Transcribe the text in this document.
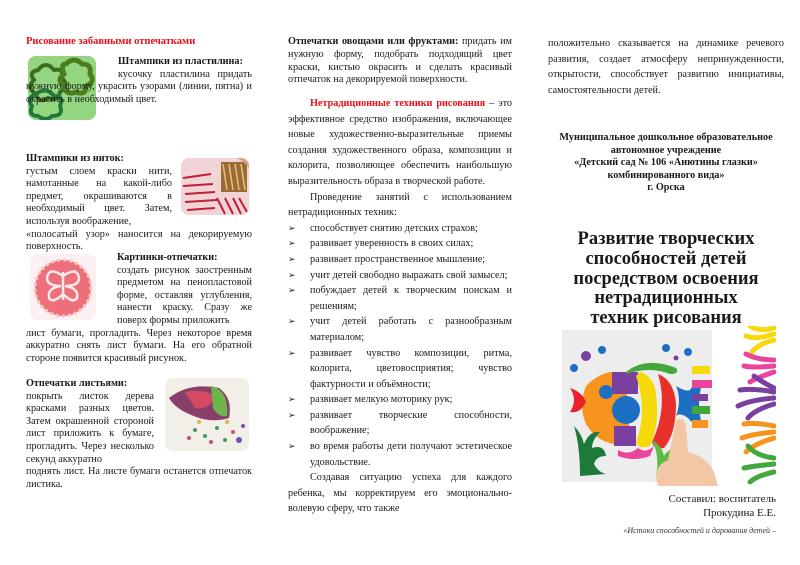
Рисование забавными отпечатками
Штампики из пластилина:
кусочку пластилина придать нужную форму, украсить узорами (линии, пятна) и окрасить в необходимый цвет.
Штампики из ниток:
густым слоем краски нити, намотанные на какой-либо предмет, окрашиваются в необходимый цвет. Затем, используя воображение,
«полосатый узор» наносится на декорируемую поверхность.
Картинки-отпечатки:
создать рисунок заостренным предметом на пенопластовой форме, оставляя углубления, нанести краску. Сразу же поверх формы приложить
лист бумаги, прогладить. Через некоторое время аккуратно снять лист бумаги. На его обратной стороне появится красивый рисунок.
Отпечатки листьями:
покрыть листок дерева красками разных цветов. Затем окрашенной стороной лист приложить к бумаге, прогладить. Через несколько секунд аккуратно
поднять лист. На листе бумаги останется отпечаток листика.
Отпечатки овощами или фруктами: придать им нужную форму, подобрать подходящий цвет краски, кистью окрасить и сделать красивый отпечаток на декорируемой поверхности.

Нетрадиционные техники рисования – это эффективное средство изображения, включающее новые художественно-выразительные приемы создания художественного образа, композиции и колорита, позволяющее обеспечить наибольшую выразительность образа в творческой работе.

Проведение занятий с использованием нетрадиционных техник:

➢ способствует снятию детских страхов;
➢ развивает уверенность в своих силах;
➢ развивает пространственное мышление;
➢ учит детей свободно выражать свой замысел;
➢ побуждает детей к творческим поискам и решениям;
➢ учит детей работать с разнообразным материалом;
➢ развивает чувство композиции, ритма, колорита, цветовосприятия; чувство фактурности и объёмности;
➢ развивает мелкую моторику рук;
➢ развивает творческие способности, воображение;
➢ во время работы дети получают эстетическое удовольствие.

Создавая ситуацию успеха для каждого ребенка, мы корректируем его эмоционально-волевую сферу, что также

положительно сказывается на динамике речевого развития, создает атмосферу непринужденности, открытости, способствует развитию инициативы, самостоятельности детей.
Муниципальное дошкольное образовательное
автономное учреждение
«Детский сад № 106 «Анютины глазки»
комбинированного вида»
г. Орска
Развитие творческих
способностей детей
посредством освоения
нетрадиционных
техник рисования
Составил: воспитатель
Прокудина Е.Е.
«Истоки способностей и дарования детей –
